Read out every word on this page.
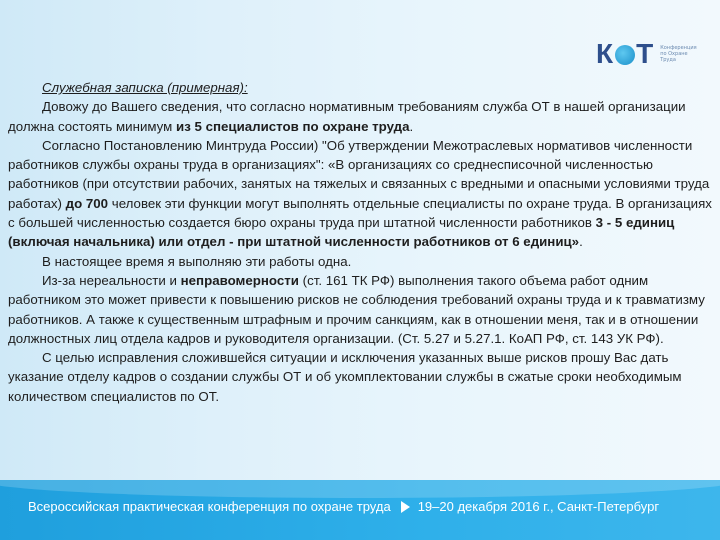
К Т Конференция по Охране Труда

Служебная записка (примерная):

Довожу до Вашего сведения, что согласно нормативным требованиям служба ОТ в нашей организации должна состоять минимум из 5 специалистов по охране труда.

Согласно Постановлению Минтруда России) "Об утверждении Межотраслевых нормативов численности работников службы охраны труда в организациях": «В организациях со среднесписочной численностью работников (при отсутствии рабочих, занятых на тяжелых и связанных с вредными и опасными условиями труда работах) до 700 человек эти функции могут выполнять отдельные специалисты по охране труда. В организациях с большей численностью создается бюро охраны труда при штатной численности работников 3 - 5 единиц (включая начальника) или отдел - при штатной численности работников от 6 единиц».

В настоящее время я выполняю эти работы одна.

Из-за нереальности и неправомерности (ст. 161 ТК РФ) выполнения такого объема работ одним работником это может привести к повышению рисков не соблюдения требований охраны труда и к травматизму работников. А также к существенным штрафным и прочим санкциям, как в отношении меня, так и в отношении должностных лиц отдела кадров и руководителя организации. (Ст. 5.27 и 5.27.1. КоАП РФ, ст. 143 УК РФ).

С целью исправления сложившейся ситуации и исключения указанных выше рисков прошу Вас дать указание отделу кадров о создании службы ОТ и об укомплектовании службы в сжатые сроки необходимым количеством специалистов по ОТ.

Всероссийская практическая конференция по охране труда 19–20 декабря 2016 г., Санкт-Петербург
